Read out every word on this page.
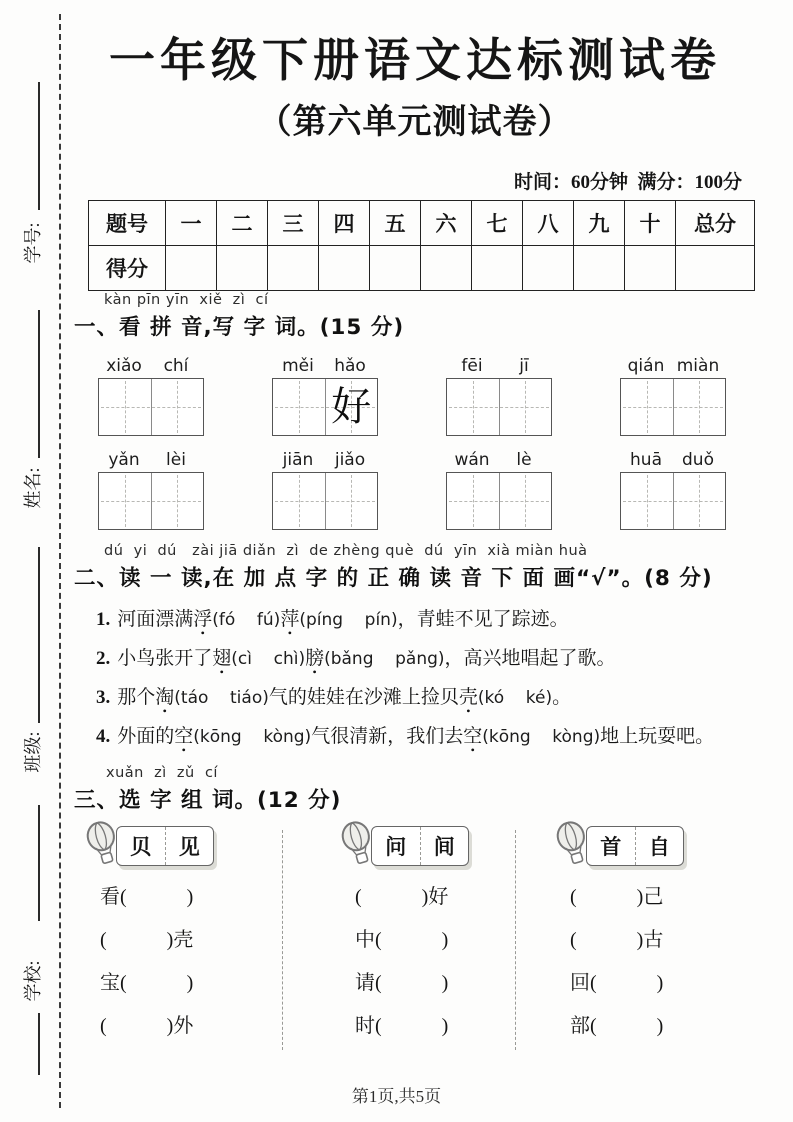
学号:
姓名:
班级:
学校:
一年级下册语文达标测试卷
（第六单元测试卷）
时间：60分钟  满分：100分
题号	一	二	三	四	五	六	七	八	九	十	总分
得分											
kàn pīn yīn  xiě  zì  cí
一、看 拼 音,写 字 词。(15 分)
xiǎo	chí	měi	hǎo
好
fēi	jī	qián miàn
yǎn	lèi	jiān	jiǎo	wán	lè	huā	duǒ
dú  yi  dú   zài jiā diǎn  zì  de zhèng què  dú  yīn  xià miàn huà
二、读 一 读,在 加 点 字 的 正 确 读 音 下 面 画“√”。(8 分)
1. 河面漂满浮(fó    fú)萍(píng    pín)，青蛙不见了踪迹。
2. 小鸟张开了翅(cì    chì)膀(bǎng    pǎng)，高兴地唱起了歌。
3. 那个淘(táo    tiáo)气的娃娃在沙滩上捡贝壳(kó    ké)。
4. 外面的空(kōng    kòng)气很清新，我们去空(kōng    kòng)地上玩耍吧。
xuǎn  zì  zǔ  cí
三、选 字 组 词。(12 分)
贝	见
看(　　　)
(　　　)壳
宝(　　　)
(　　　)外
问	间
(　　　)好
中(　　　)
请(　　　)
时(　　　)
首	自
(　　　)己
(　　　)古
回(　　　)
部(　　　)
第1页,共5页
